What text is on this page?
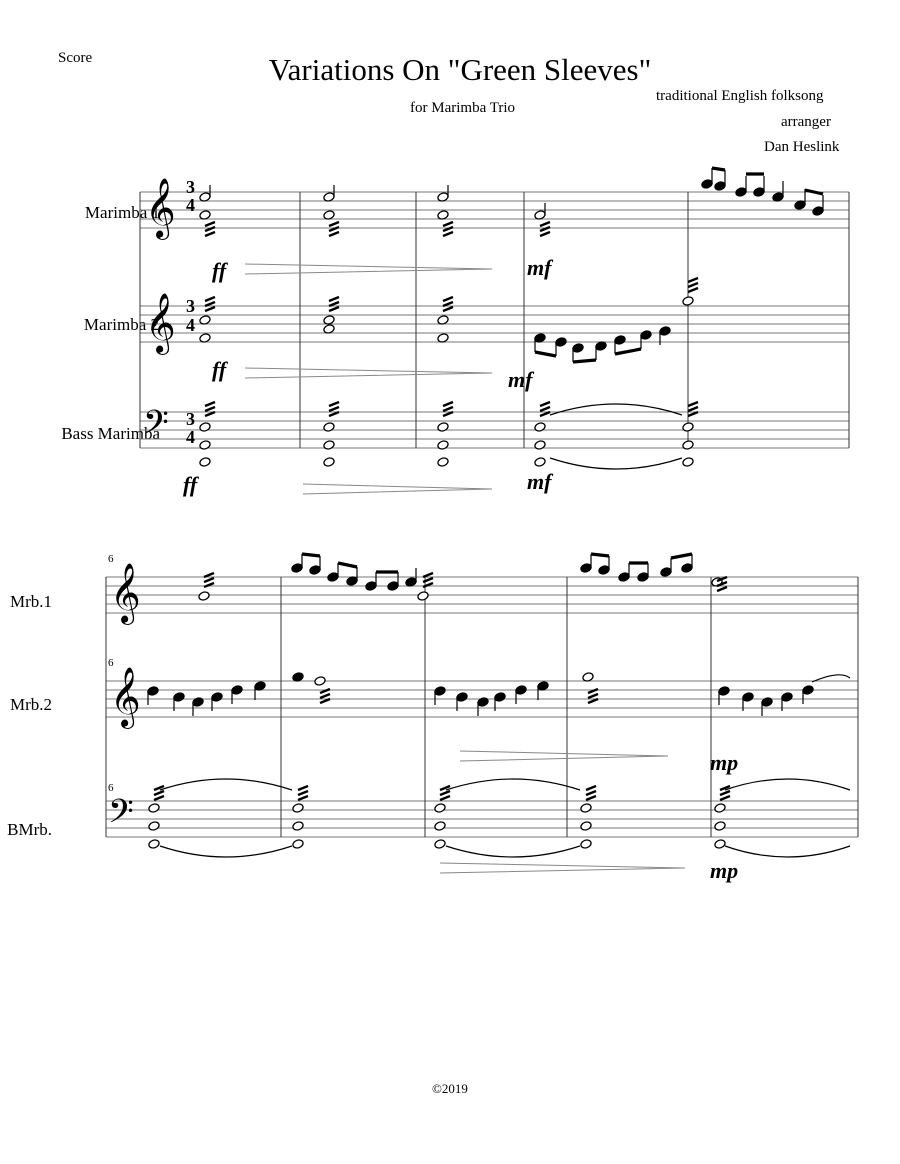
Score	Variations On "Green Sleeves"
for Marimba Trio
traditional English folksong
arranger
Dan Heslink
Marimba 1
Marimba 2
Bass Marimba
Mrb.1
Mrb.2
BMrb.
𝄞
𝄞
𝄢
𝄞
𝄞
𝄢
3
4
3
4
3
4
6
6
6
ff	mf
ff	mf
ff	mf
mp
mp
©2019
